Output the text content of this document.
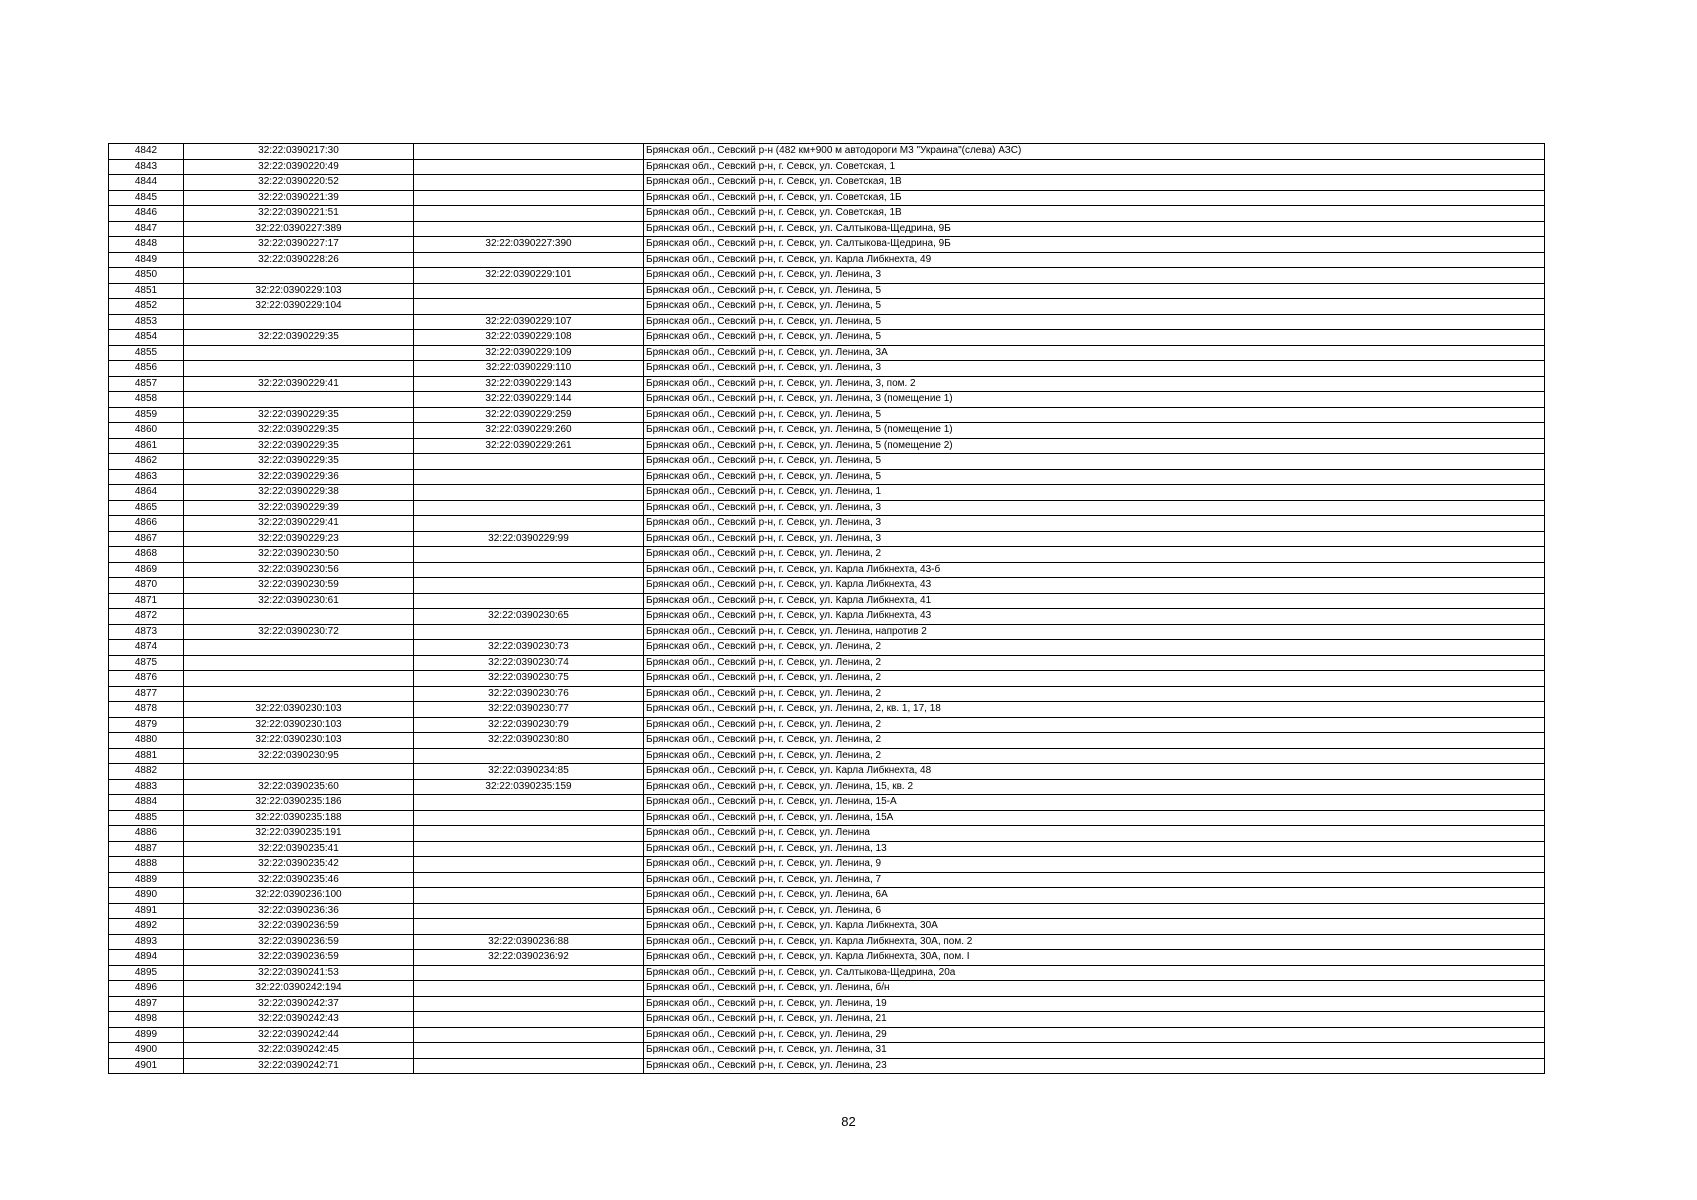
4842	32:22:0390217:30		Брянская обл., Севский р-н (482 км+900 м автодороги М3 "Украина"(слева) АЗС)
4843	32:22:0390220:49		Брянская обл., Севский р-н, г. Севск, ул. Советская, 1
4844	32:22:0390220:52		Брянская обл., Севский р-н, г. Севск, ул. Советская, 1В
4845	32:22:0390221:39		Брянская обл., Севский р-н, г. Севск, ул. Советская, 1Б
4846	32:22:0390221:51		Брянская обл., Севский р-н, г. Севск, ул. Советская, 1В
4847	32:22:0390227:389		Брянская обл., Севский р-н, г. Севск, ул. Салтыкова-Щедрина, 9Б
4848	32:22:0390227:17	32:22:0390227:390	Брянская обл., Севский р-н, г. Севск, ул. Салтыкова-Щедрина, 9Б
4849	32:22:0390228:26		Брянская обл., Севский р-н, г. Севск, ул. Карла Либкнехта, 49
4850		32:22:0390229:101	Брянская обл., Севский р-н, г. Севск, ул. Ленина, 3
4851	32:22:0390229:103		Брянская обл., Севский р-н, г. Севск, ул. Ленина, 5
4852	32:22:0390229:104		Брянская обл., Севский р-н, г. Севск, ул. Ленина, 5
4853		32:22:0390229:107	Брянская обл., Севский р-н, г. Севск, ул. Ленина, 5
4854	32:22:0390229:35	32:22:0390229:108	Брянская обл., Севский р-н, г. Севск, ул. Ленина, 5
4855		32:22:0390229:109	Брянская обл., Севский р-н, г. Севск, ул. Ленина, 3А
4856		32:22:0390229:110	Брянская обл., Севский р-н, г. Севск, ул. Ленина, 3
4857	32:22:0390229:41	32:22:0390229:143	Брянская обл., Севский р-н, г. Севск, ул. Ленина, 3, пом. 2
4858		32:22:0390229:144	Брянская обл., Севский р-н, г. Севск, ул. Ленина, 3 (помещение 1)
4859	32:22:0390229:35	32:22:0390229:259	Брянская обл., Севский р-н, г. Севск, ул. Ленина, 5
4860	32:22:0390229:35	32:22:0390229:260	Брянская обл., Севский р-н, г. Севск, ул. Ленина, 5 (помещение 1)
4861	32:22:0390229:35	32:22:0390229:261	Брянская обл., Севский р-н, г. Севск, ул. Ленина, 5 (помещение 2)
4862	32:22:0390229:35		Брянская обл., Севский р-н, г. Севск, ул. Ленина, 5
4863	32:22:0390229:36		Брянская обл., Севский р-н, г. Севск, ул. Ленина, 5
4864	32:22:0390229:38		Брянская обл., Севский р-н, г. Севск, ул. Ленина, 1
4865	32:22:0390229:39		Брянская обл., Севский р-н, г. Севск, ул. Ленина, 3
4866	32:22:0390229:41		Брянская обл., Севский р-н, г. Севск, ул. Ленина, 3
4867	32:22:0390229:23	32:22:0390229:99	Брянская обл., Севский р-н, г. Севск, ул. Ленина, 3
4868	32:22:0390230:50		Брянская обл., Севский р-н, г. Севск, ул. Ленина, 2
4869	32:22:0390230:56		Брянская обл., Севский р-н, г. Севск, ул. Карла Либкнехта, 43-б
4870	32:22:0390230:59		Брянская обл., Севский р-н, г. Севск, ул. Карла Либкнехта, 43
4871	32:22:0390230:61		Брянская обл., Севский р-н, г. Севск, ул. Карла Либкнехта, 41
4872		32:22:0390230:65	Брянская обл., Севский р-н, г. Севск, ул. Карла Либкнехта, 43
4873	32:22:0390230:72		Брянская обл., Севский р-н, г. Севск, ул. Ленина, напротив 2
4874		32:22:0390230:73	Брянская обл., Севский р-н, г. Севск, ул. Ленина, 2
4875		32:22:0390230:74	Брянская обл., Севский р-н, г. Севск, ул. Ленина, 2
4876		32:22:0390230:75	Брянская обл., Севский р-н, г. Севск, ул. Ленина, 2
4877		32:22:0390230:76	Брянская обл., Севский р-н, г. Севск, ул. Ленина, 2
4878	32:22:0390230:103	32:22:0390230:77	Брянская обл., Севский р-н, г. Севск, ул. Ленина, 2, кв. 1, 17, 18
4879	32:22:0390230:103	32:22:0390230:79	Брянская обл., Севский р-н, г. Севск, ул. Ленина, 2
4880	32:22:0390230:103	32:22:0390230:80	Брянская обл., Севский р-н, г. Севск, ул. Ленина, 2
4881	32:22:0390230:95		Брянская обл., Севский р-н, г. Севск, ул. Ленина, 2
4882		32:22:0390234:85	Брянская обл., Севский р-н, г. Севск, ул. Карла Либкнехта, 48
4883	32:22:0390235:60	32:22:0390235:159	Брянская обл., Севский р-н, г. Севск, ул. Ленина, 15, кв. 2
4884	32:22:0390235:186		Брянская обл., Севский р-н, г. Севск, ул. Ленина, 15-А
4885	32:22:0390235:188		Брянская обл., Севский р-н, г. Севск, ул. Ленина, 15А
4886	32:22:0390235:191		Брянская обл., Севский р-н, г. Севск, ул. Ленина
4887	32:22:0390235:41		Брянская обл., Севский р-н, г. Севск, ул. Ленина, 13
4888	32:22:0390235:42		Брянская обл., Севский р-н, г. Севск, ул. Ленина, 9
4889	32:22:0390235:46		Брянская обл., Севский р-н, г. Севск, ул. Ленина, 7
4890	32:22:0390236:100		Брянская обл., Севский р-н, г. Севск, ул. Ленина, 6А
4891	32:22:0390236:36		Брянская обл., Севский р-н, г. Севск, ул. Ленина, 6
4892	32:22:0390236:59		Брянская обл., Севский р-н, г. Севск, ул. Карла Либкнехта, 30А
4893	32:22:0390236:59	32:22:0390236:88	Брянская обл., Севский р-н, г. Севск, ул. Карла Либкнехта, 30А, пом. 2
4894	32:22:0390236:59	32:22:0390236:92	Брянская обл., Севский р-н, г. Севск, ул. Карла Либкнехта, 30А, пом. I
4895	32:22:0390241:53		Брянская обл., Севский р-н, г. Севск, ул. Салтыкова-Щедрина, 20а
4896	32:22:0390242:194		Брянская обл., Севский р-н, г. Севск, ул. Ленина, б/н
4897	32:22:0390242:37		Брянская обл., Севский р-н, г. Севск, ул. Ленина, 19
4898	32:22:0390242:43		Брянская обл., Севский р-н, г. Севск, ул. Ленина, 21
4899	32:22:0390242:44		Брянская обл., Севский р-н, г. Севск, ул. Ленина, 29
4900	32:22:0390242:45		Брянская обл., Севский р-н, г. Севск, ул. Ленина, 31
4901	32:22:0390242:71		Брянская обл., Севский р-н, г. Севск, ул. Ленина, 23
82
